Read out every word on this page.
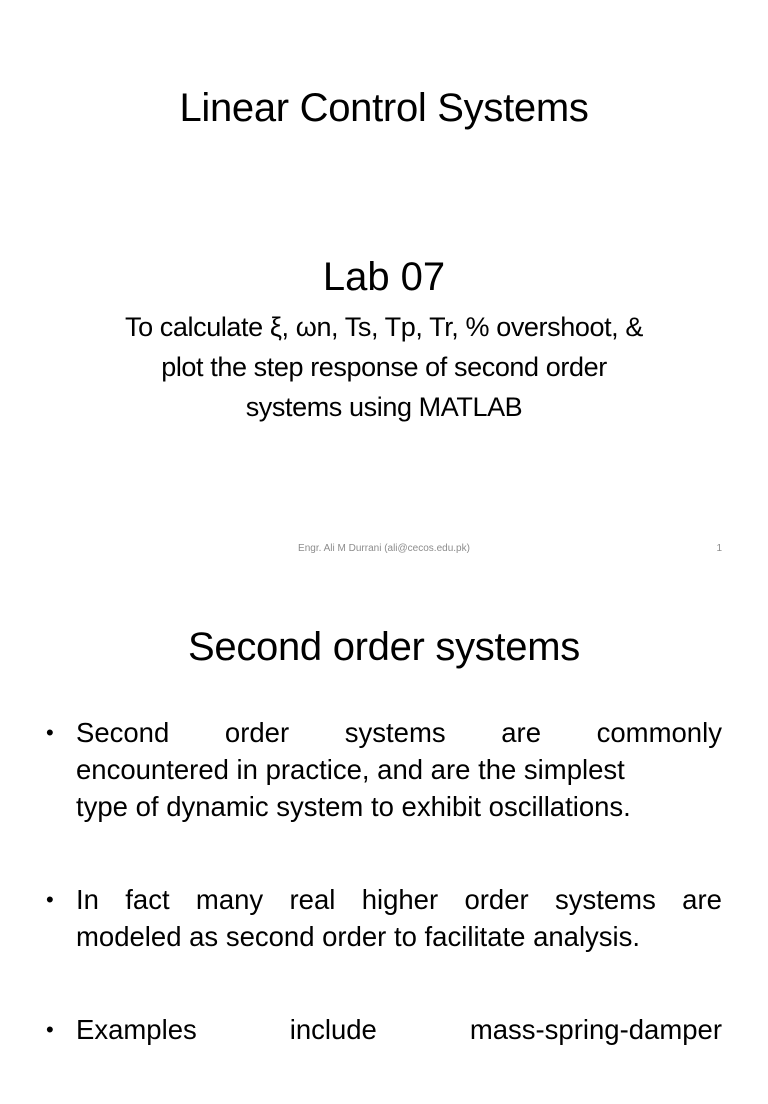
Linear Control Systems
Lab 07
To calculate ξ, ωn, Ts, Tp, Tr, % overshoot, &
plot the step response of second order
systems using MATLAB
Engr. Ali M Durrani (ali@cecos.edu.pk)	1
Second order systems
• Second order systems are commonly
encountered in practice, and are the simplest
type of dynamic system to exhibit oscillations.
• In fact many real higher order systems are
modeled as second order to facilitate analysis.
• Examples	include	mass-spring-damper
